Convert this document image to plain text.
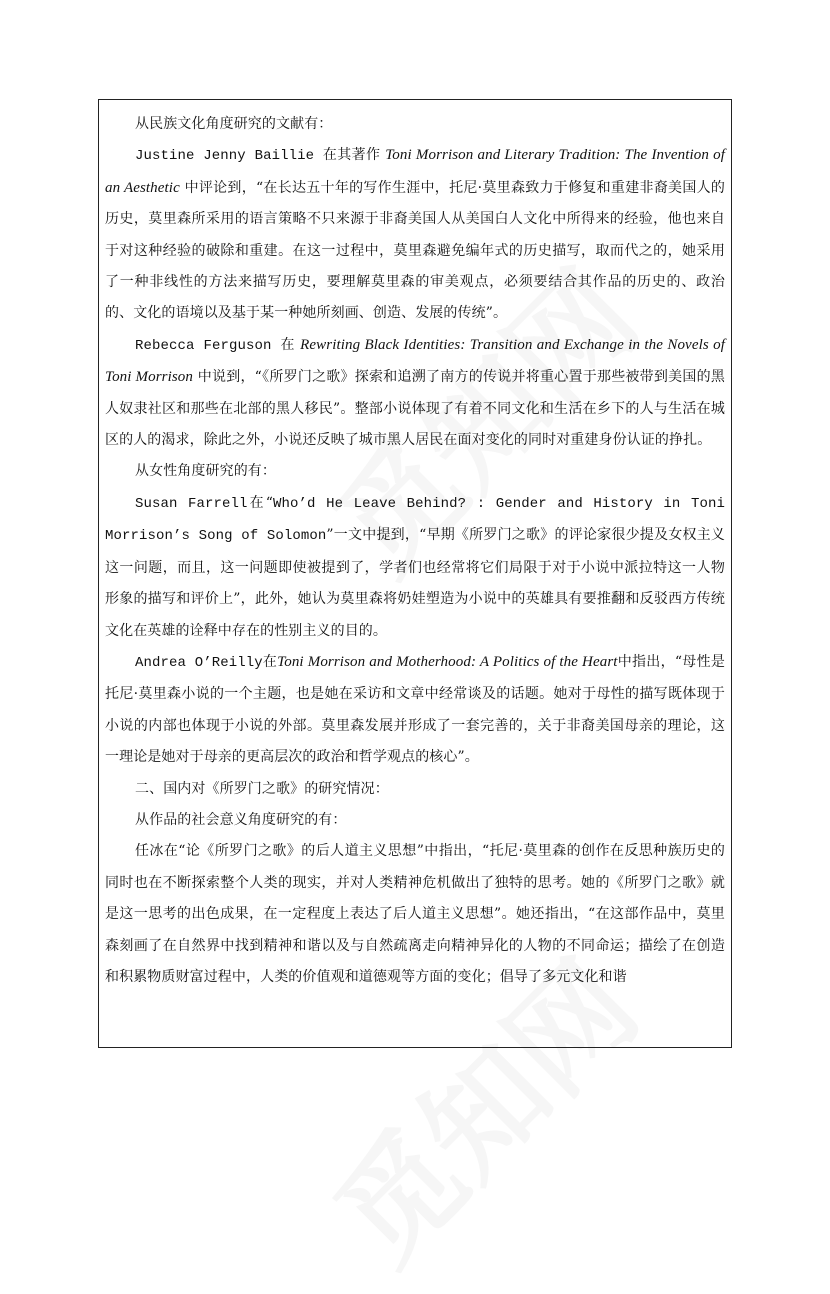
从民族文化角度研究的文献有：

Justine Jenny Baillie 在其著作 Toni Morrison and Literary Tradition: The Invention of an Aesthetic 中评论到，“在长达五十年的写作生涯中，托尼·莫里森致力于修复和重建非裔美国人的历史，莫里森所采用的语言策略不只来源于非裔美国人从美国白人文化中所得来的经验，他也来自于对这种经验的破除和重建。在这一过程中，莫里森避免编年式的历史描写，取而代之的，她采用了一种非线性的方法来描写历史，要理解莫里森的审美观点，必须要结合其作品的历史的、政治的、文化的语境以及基于某一种她所刻画、创造、发展的传统”。

Rebecca Ferguson 在 Rewriting Black Identities: Transition and Exchange in the Novels of Toni Morrison 中说到，“《所罗门之歌》探索和追溯了南方的传说并将重心置于那些被带到美国的黑人奴隶社区和那些在北部的黑人移民”。整部小说体现了有着不同文化和生活在乡下的人与生活在城区的人的渴求，除此之外，小说还反映了城市黑人居民在面对变化的同时对重建身份认证的挣扎。

从女性角度研究的有：

Susan Farrell在“Who’d He Leave Behind? : Gender and History in Toni Morrison’s Song of Solomon”一文中提到，“早期《所罗门之歌》的评论家很少提及女权主义这一问题，而且，这一问题即使被提到了，学者们也经常将它们局限于对于小说中派拉特这一人物形象的描写和评价上”，此外，她认为莫里森将奶娃塑造为小说中的英雄具有要推翻和反驳西方传统文化在英雄的诠释中存在的性别主义的目的。

Andrea O’Reilly在Toni Morrison and Motherhood: A Politics of the Heart中指出，“母性是托尼·莫里森小说的一个主题，也是她在采访和文章中经常谈及的话题。她对于母性的描写既体现于小说的内部也体现于小说的外部。莫里森发展并形成了一套完善的，关于非裔美国母亲的理论，这一理论是她对于母亲的更高层次的政治和哲学观点的核心”。

二、国内对《所罗门之歌》的研究情况：

从作品的社会意义角度研究的有：

任冰在“论《所罗门之歌》的后人道主义思想”中指出，“托尼·莫里森的创作在反思种族历史的同时也在不断探索整个人类的现实，并对人类精神危机做出了独特的思考。她的《所罗门之歌》就是这一思考的出色成果，在一定程度上表达了后人道主义思想”。她还指出，“在这部作品中，莫里森刻画了在自然界中找到精神和谐以及与自然疏离走向精神异化的人物的不同命运；描绘了在创造和积累物质财富过程中，人类的价值观和道德观等方面的变化；倡导了多元文化和谐
